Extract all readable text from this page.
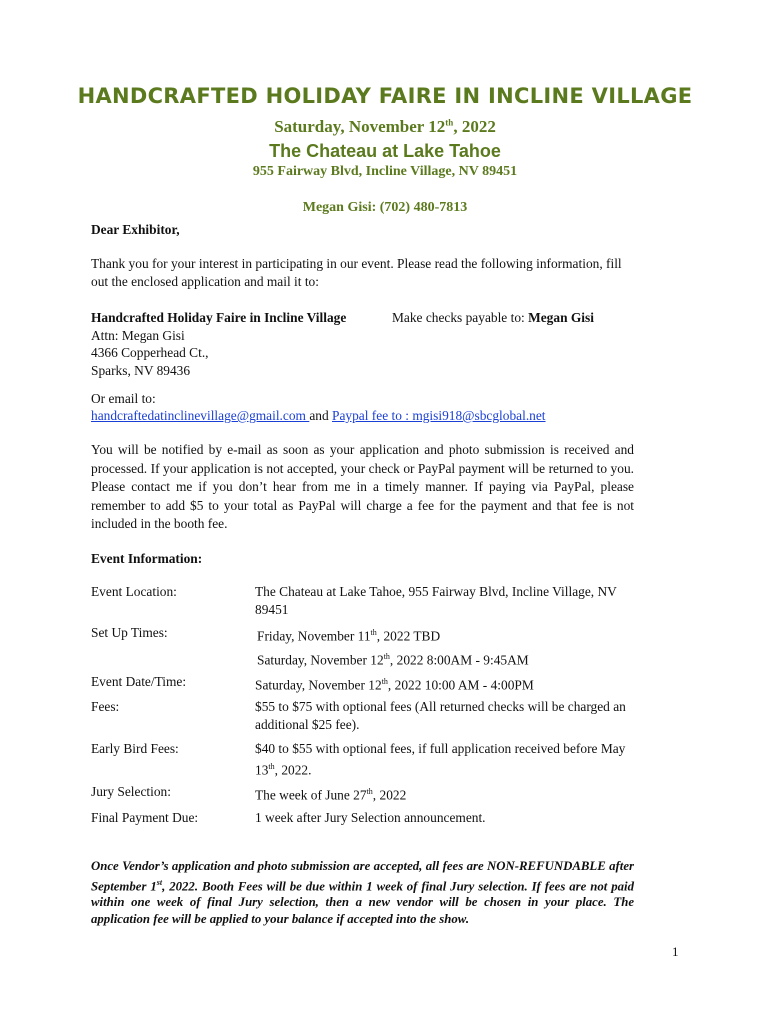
HANDCRAFTED HOLIDAY FAIRE IN INCLINE VILLAGE
Saturday, November 12th, 2022
The Chateau at Lake Tahoe
955 Fairway Blvd, Incline Village, NV 89451
Megan Gisi: (702) 480-7813
Dear Exhibitor,
Thank you for your interest in participating in our event. Please read the following information, fill out the enclosed application and mail it to:
Handcrafted Holiday Faire in Incline Village
Attn: Megan Gisi
4366 Copperhead Ct.,
Sparks, NV 89436
Make checks payable to: Megan Gisi
Or email to:
handcraftedatinclinevillage@gmail.com and Paypal fee to : mgisi918@sbcglobal.net
You will be notified by e-mail as soon as your application and photo submission is received and processed. If your application is not accepted, your check or PayPal payment will be returned to you. Please contact me if you don’t hear from me in a timely manner. If paying via PayPal, please remember to add $5 to your total as PayPal will charge a fee for the payment and that fee is not included in the booth fee.
Event Information:
Event Location:	The Chateau at Lake Tahoe, 955 Fairway Blvd, Incline Village, NV 89451
Set Up Times:	Friday, November 11th, 2022 TBD
Saturday, November 12th, 2022 8:00AM - 9:45AM
Event Date/Time:	Saturday, November 12th, 2022 10:00 AM - 4:00PM
Fees:	$55 to $75 with optional fees (All returned checks will be charged an additional $25 fee).
Early Bird Fees:	$40 to $55 with optional fees, if full application received before May 13th, 2022.
Jury Selection:	The week of June 27th, 2022
Final Payment Due:	1 week after Jury Selection announcement.
Once Vendor’s application and photo submission are accepted, all fees are NON-REFUNDABLE after September 1st, 2022. Booth Fees will be due within 1 week of final Jury selection. If fees are not paid within one week of final Jury selection, then a new vendor will be chosen in your place. The application fee will be applied to your balance if accepted into the show.
1
